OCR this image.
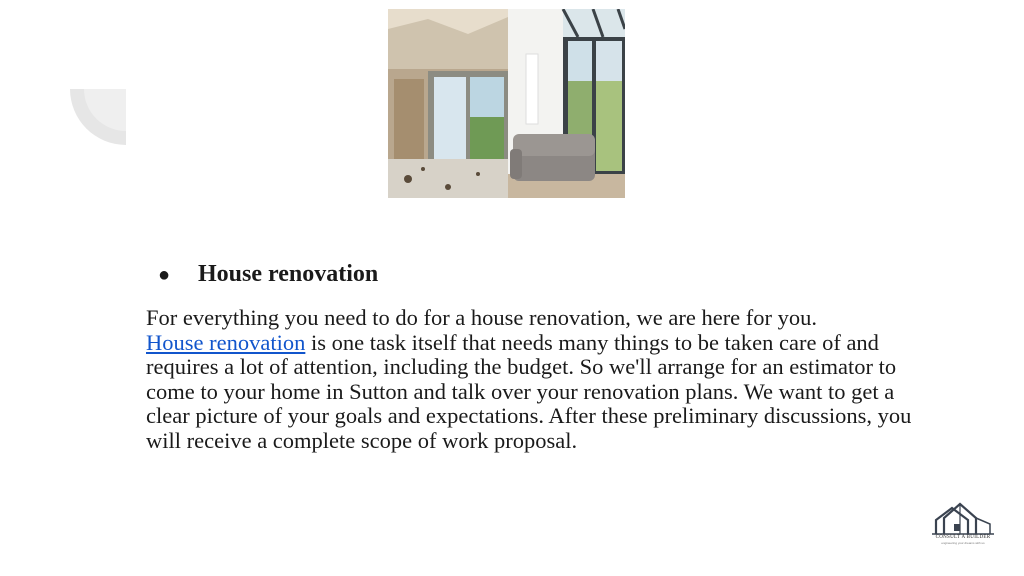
● House renovation
For everything you need to do for a house renovation, we are here for you.
House renovation is one task itself that needs many things to be taken care of and requires a lot of attention, including the budget. So we'll arrange for an estimator to come to your home in Sutton and talk over your renovation plans. We want to get a clear picture of your goals and expectations. After these preliminary discussions, you will receive a complete scope of work proposal.
CONSULT A BUILDER
engineering your dreams with us
